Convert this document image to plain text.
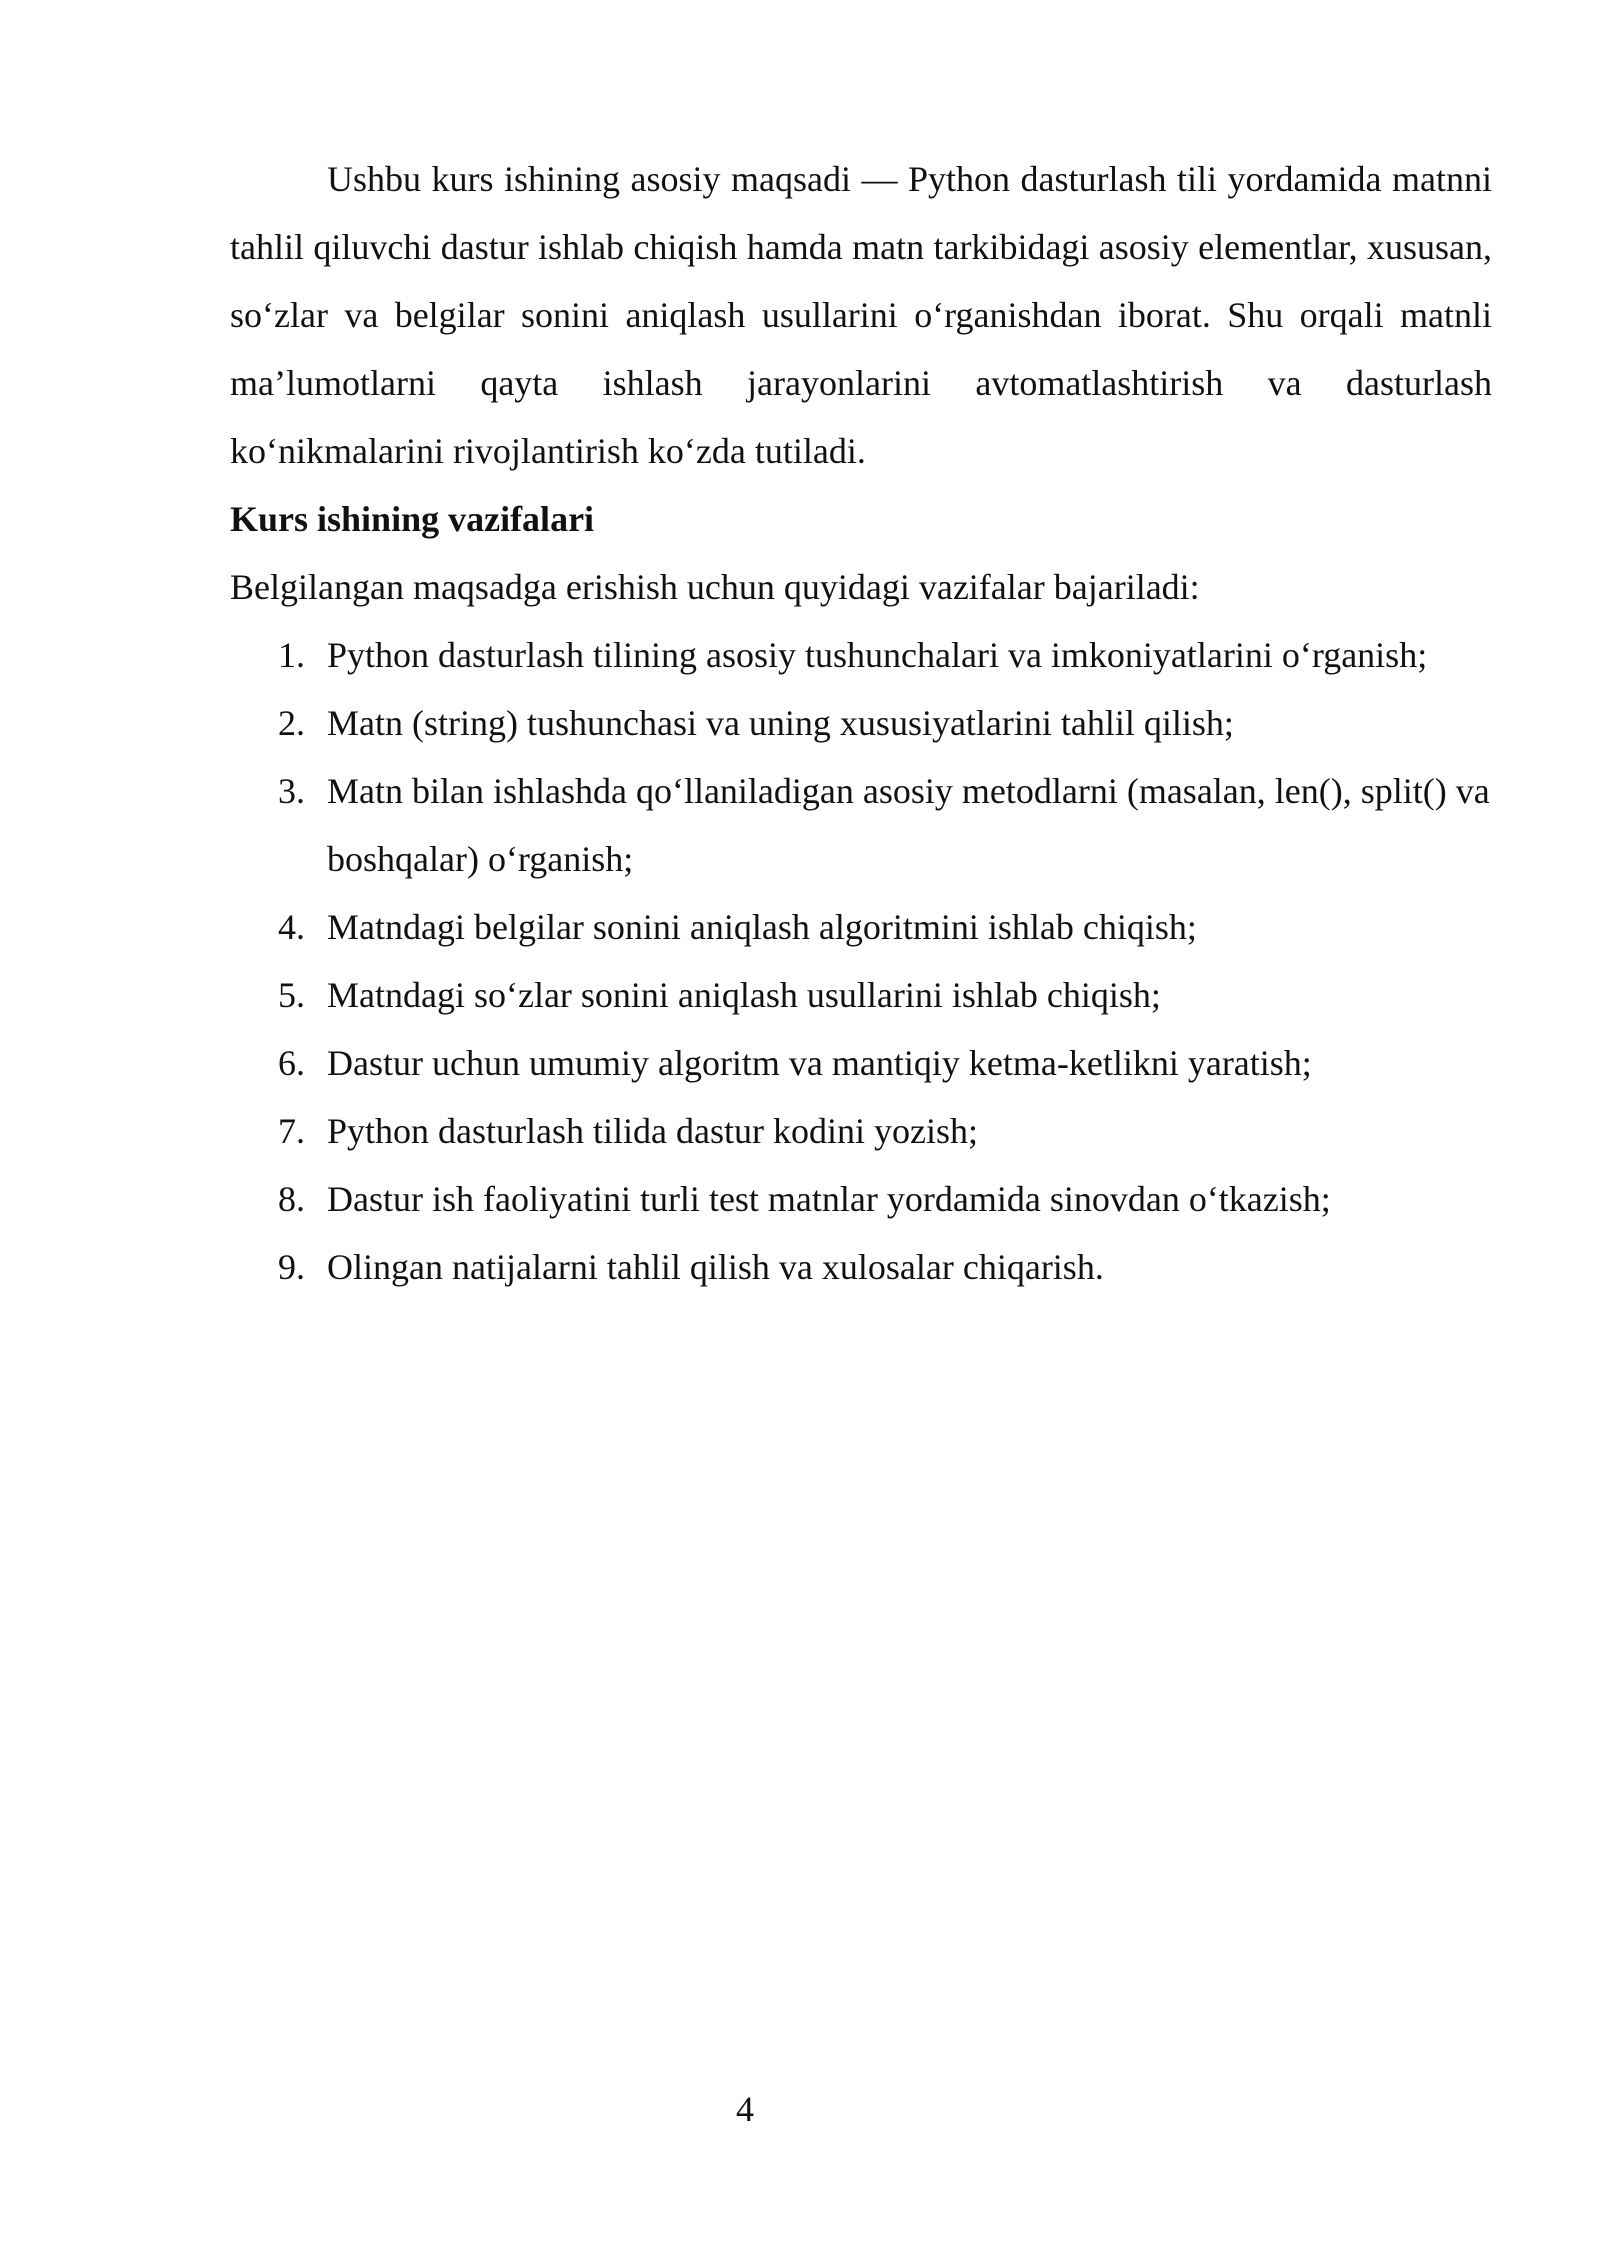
Ushbu kurs ishining asosiy maqsadi — Python dasturlash tili yordamida matnni tahlil qiluvchi dastur ishlab chiqish hamda matn tarkibidagi asosiy elementlar, xususan, so‘zlar va belgilar sonini aniqlash usullarini o‘rganishdan iborat. Shu orqali matnli ma’lumotlarni qayta ishlash jarayonlarini avtomatlashtirish va dasturlash ko‘nikmalarini rivojlantirish ko‘zda tutiladi.

Kurs ishining vazifalari

Belgilangan maqsadga erishish uchun quyidagi vazifalar bajariladi:

1. Python dasturlash tilining asosiy tushunchalari va imkoniyatlarini o‘rganish;
2. Matn (string) tushunchasi va uning xususiyatlarini tahlil qilish;
3. Matn bilan ishlashda qo‘llaniladigan asosiy metodlarni (masalan, len(), split() va boshqalar) o‘rganish;
4. Matndagi belgilar sonini aniqlash algoritmini ishlab chiqish;
5. Matndagi so‘zlar sonini aniqlash usullarini ishlab chiqish;
6. Dastur uchun umumiy algoritm va mantiqiy ketma-ketlikni yaratish;
7. Python dasturlash tilida dastur kodini yozish;
8. Dastur ish faoliyatini turli test matnlar yordamida sinovdan o‘tkazish;
9. Olingan natijalarni tahlil qilish va xulosalar chiqarish.
4
